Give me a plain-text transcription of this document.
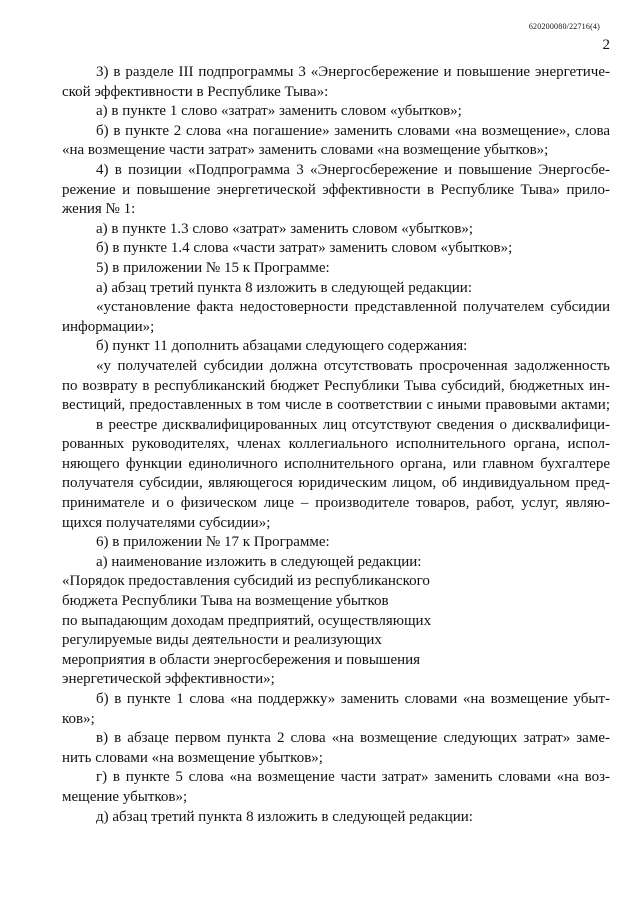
620200080/22716(4)
2
3) в разделе III подпрограммы 3 «Энергосбережение и повышение энергетиче-
ской эффективности в Республике Тыва»:
а) в пункте 1 слово «затрат» заменить словом «убытков»;
б) в пункте 2 слова «на погашение» заменить словами «на возмещение», слова
«на возмещение части затрат» заменить словами «на возмещение убытков»;
4) в позиции «Подпрограмма 3 «Энергосбережение и повышение Энергосбе-
режение и повышение энергетической эффективности в Республике Тыва» прило-
жения № 1:
а) в пункте 1.3 слово «затрат» заменить словом «убытков»;
б) в пункте 1.4 слова «части затрат» заменить словом «убытков»;
5) в приложении № 15 к Программе:
а) абзац третий пункта 8 изложить в следующей редакции:
«установление факта недостоверности представленной получателем субсидии
информации»;
б) пункт 11 дополнить абзацами следующего содержания:
«у получателей субсидии должна отсутствовать просроченная задолженность
по возврату в республиканский бюджет Республики Тыва субсидий, бюджетных ин-
вестиций, предоставленных в том числе в соответствии с иными правовыми актами;
в реестре дисквалифицированных лиц отсутствуют сведения о дисквалифици-
рованных руководителях, членах коллегиального исполнительного органа, испол-
няющего функции единоличного исполнительного органа, или главном бухгалтере
получателя субсидии, являющегося юридическим лицом, об индивидуальном пред-
принимателе и о физическом лице – производителе товаров, работ, услуг, являю-
щихся получателями субсидии»;
6) в приложении № 17 к Программе:
а) наименование изложить в следующей редакции:
«Порядок предоставления субсидий из республиканского
бюджета Республики Тыва на возмещение убытков
по выпадающим доходам предприятий, осуществляющих
регулируемые виды деятельности и реализующих
мероприятия в области энергосбережения и повышения
энергетической эффективности»;
б) в пункте 1 слова «на поддержку» заменить словами «на возмещение убыт-
ков»;
в) в абзаце первом пункта 2 слова «на возмещение следующих затрат» заме-
нить словами «на возмещение убытков»;
г) в пункте 5 слова «на возмещение части затрат» заменить словами «на воз-
мещение убытков»;
д) абзац третий пункта 8 изложить в следующей редакции:
